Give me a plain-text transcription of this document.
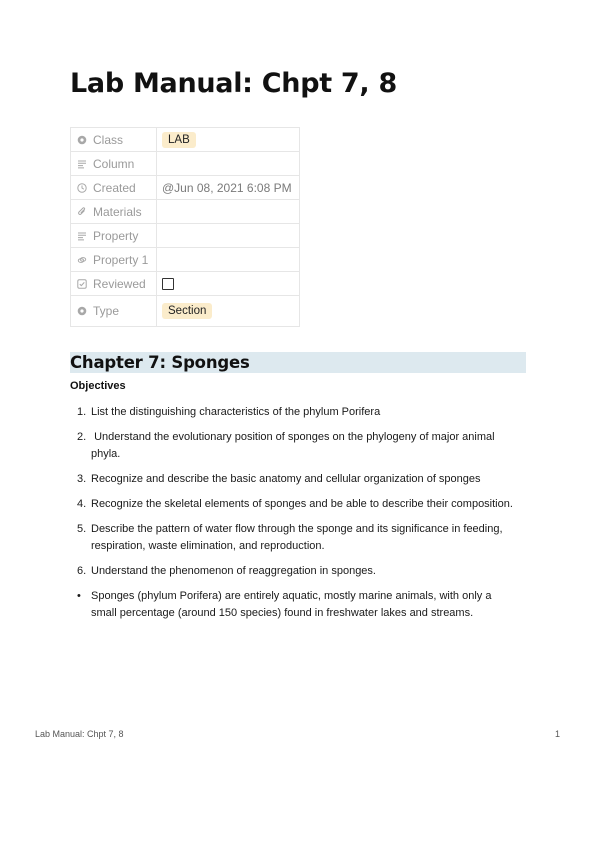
Lab Manual: Chpt 7, 8
Class	LAB

Column	

Created	@Jun 08, 2021 6:08 PM

Materials	

Property	

Property 1	

Reviewed	

Type	Section
Chapter 7: Sponges
Objectives
1. List the distinguishing characteristics of the phylum Porifera
2. Understand the evolutionary position of sponges on the phylogeny of major animal phyla.
3. Recognize and describe the basic anatomy and cellular organization of sponges
4. Recognize the skeletal elements of sponges and be able to describe their composition.
5. Describe the pattern of water flow through the sponge and its significance in feeding, respiration, waste elimination, and reproduction.
6. Understand the phenomenon of reaggregation in sponges.
• Sponges (phylum Porifera) are entirely aquatic, mostly marine animals, with only a small percentage (around 150 species) found in freshwater lakes and streams.
Lab Manual: Chpt 7, 8	1
